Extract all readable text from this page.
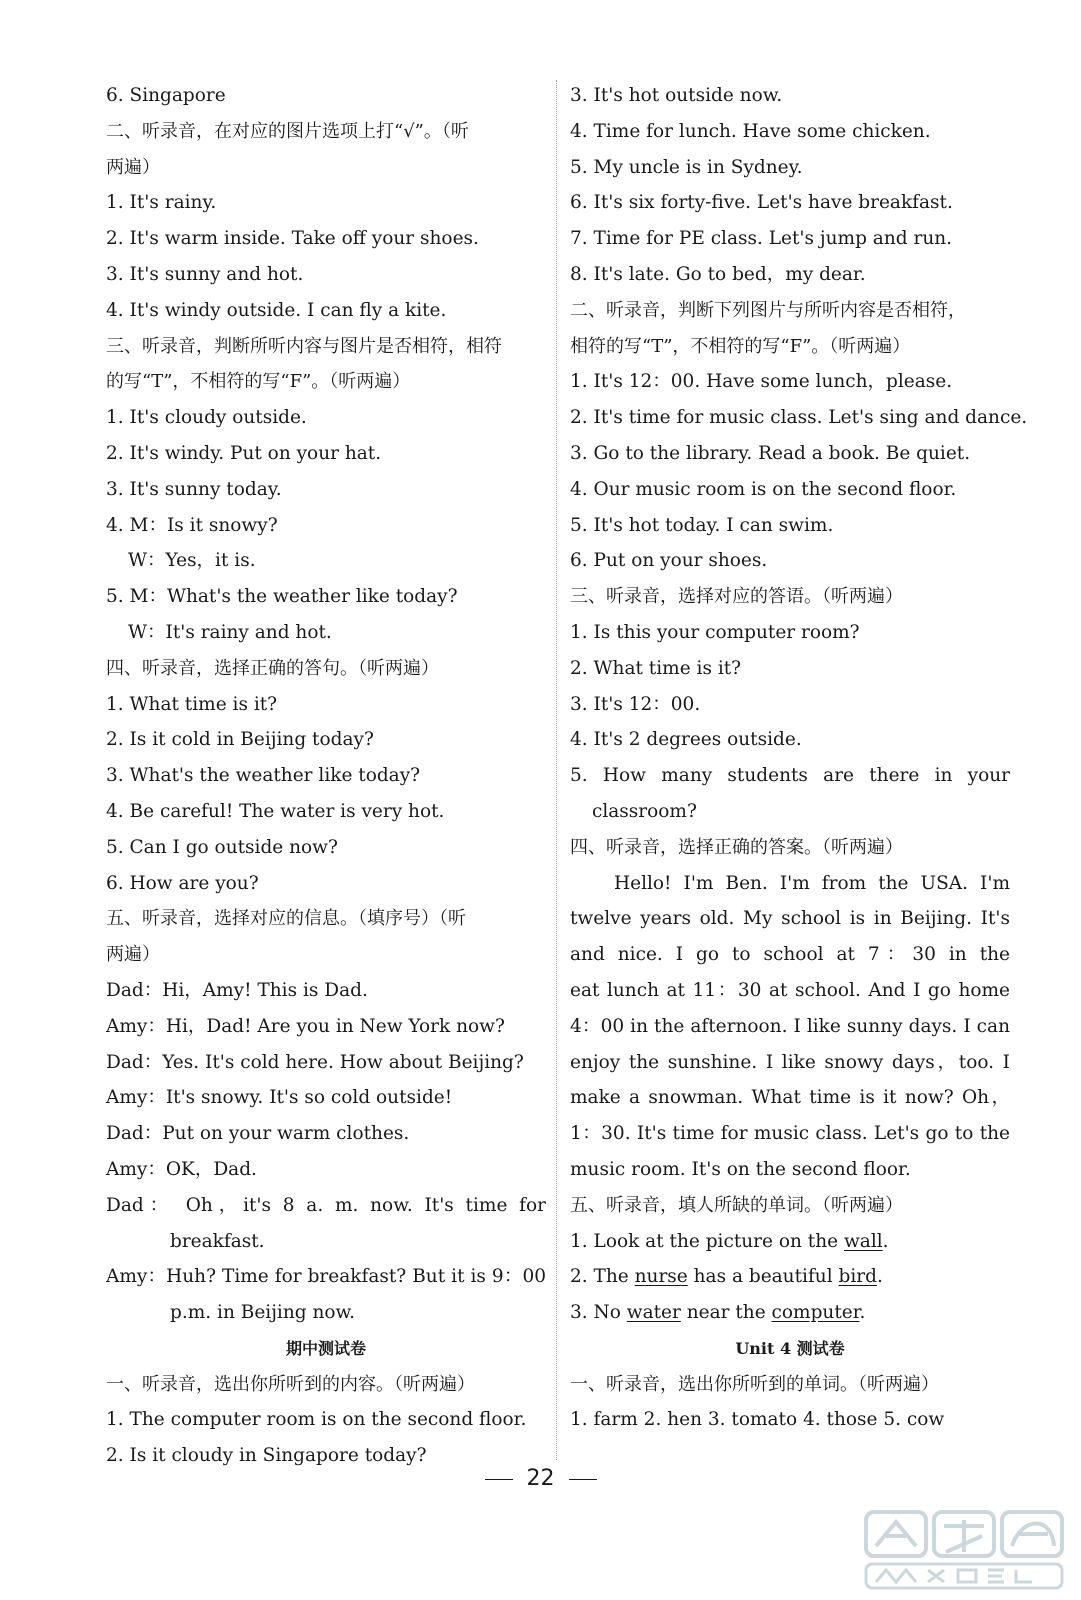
6. Singapore
二、听录音，在对应的图片选项上打“√”。（听
两遍）
1. It's rainy.
2. It's warm inside. Take off your shoes.
3. It's sunny and hot.
4. It's windy outside. I can fly a kite.
三、听录音，判断所听内容与图片是否相符，相符
的写“T”，不相符的写“F”。（听两遍）
1. It's cloudy outside.
2. It's windy. Put on your hat.
3. It's sunny today.
4. M：Is it snowy?
W：Yes，it is.
5. M：What's the weather like today?
W：It's rainy and hot.
四、听录音，选择正确的答句。（听两遍）
1. What time is it?
2. Is it cold in Beijing today?
3. What's the weather like today?
4. Be careful! The water is very hot.
5. Can I go outside now?
6. How are you?
五、听录音，选择对应的信息。（填序号）（听
两遍）
Dad：Hi，Amy! This is Dad.
Amy：Hi，Dad! Are you in New York now?
Dad：Yes. It's cold here. How about Beijing?
Amy：It's snowy. It's so cold outside!
Dad：Put on your warm clothes.
Amy：OK，Dad.
Dad： Oh，it's 8 a. m. now. It's time for
breakfast.
Amy：Huh? Time for breakfast? But it is 9：00
p.m. in Beijing now.
期中测试卷
一、听录音，选出你所听到的内容。（听两遍）
1. The computer room is on the second floor.
2. Is it cloudy in Singapore today?
3. It's hot outside now.
4. Time for lunch. Have some chicken.
5. My uncle is in Sydney.
6. It's six forty-five. Let's have breakfast.
7. Time for PE class. Let's jump and run.
8. It's late. Go to bed，my dear.
二、听录音，判断下列图片与所听内容是否相符，
相符的写“T”，不相符的写“F”。（听两遍）
1. It's 12：00. Have some lunch，please.
2. It's time for music class. Let's sing and dance.
3. Go to the library. Read a book. Be quiet.
4. Our music room is on the second floor.
5. It's hot today. I can swim.
6. Put on your shoes.
三、听录音，选择对应的答语。（听两遍）
1. Is this your computer room?
2. What time is it?
3. It's 12：00.
4. It's 2 degrees outside.
5. How many students are there in your
classroom?
四、听录音，选择正确的答案。（听两遍）
Hello! I'm Ben. I'm from the USA. I'm
twelve years old. My school is in Beijing. It's
and nice. I go to school at 7：30 in the
eat lunch at 11：30 at school. And I go home
4：00 in the afternoon. I like sunny days. I can
enjoy the sunshine. I like snowy days，too. I
make a snowman. What time is it now? Oh，
1：30. It's time for music class. Let's go to the
music room. It's on the second floor.
五、听录音，填人所缺的单词。（听两遍）
1. Look at the picture on the wall.
2. The nurse has a beautiful bird.
3. No water near the computer.
Unit 4 测试卷
一、听录音，选出你所听到的单词。（听两遍）
1. farm 2. hen 3. tomato 4. those 5. cow
22
